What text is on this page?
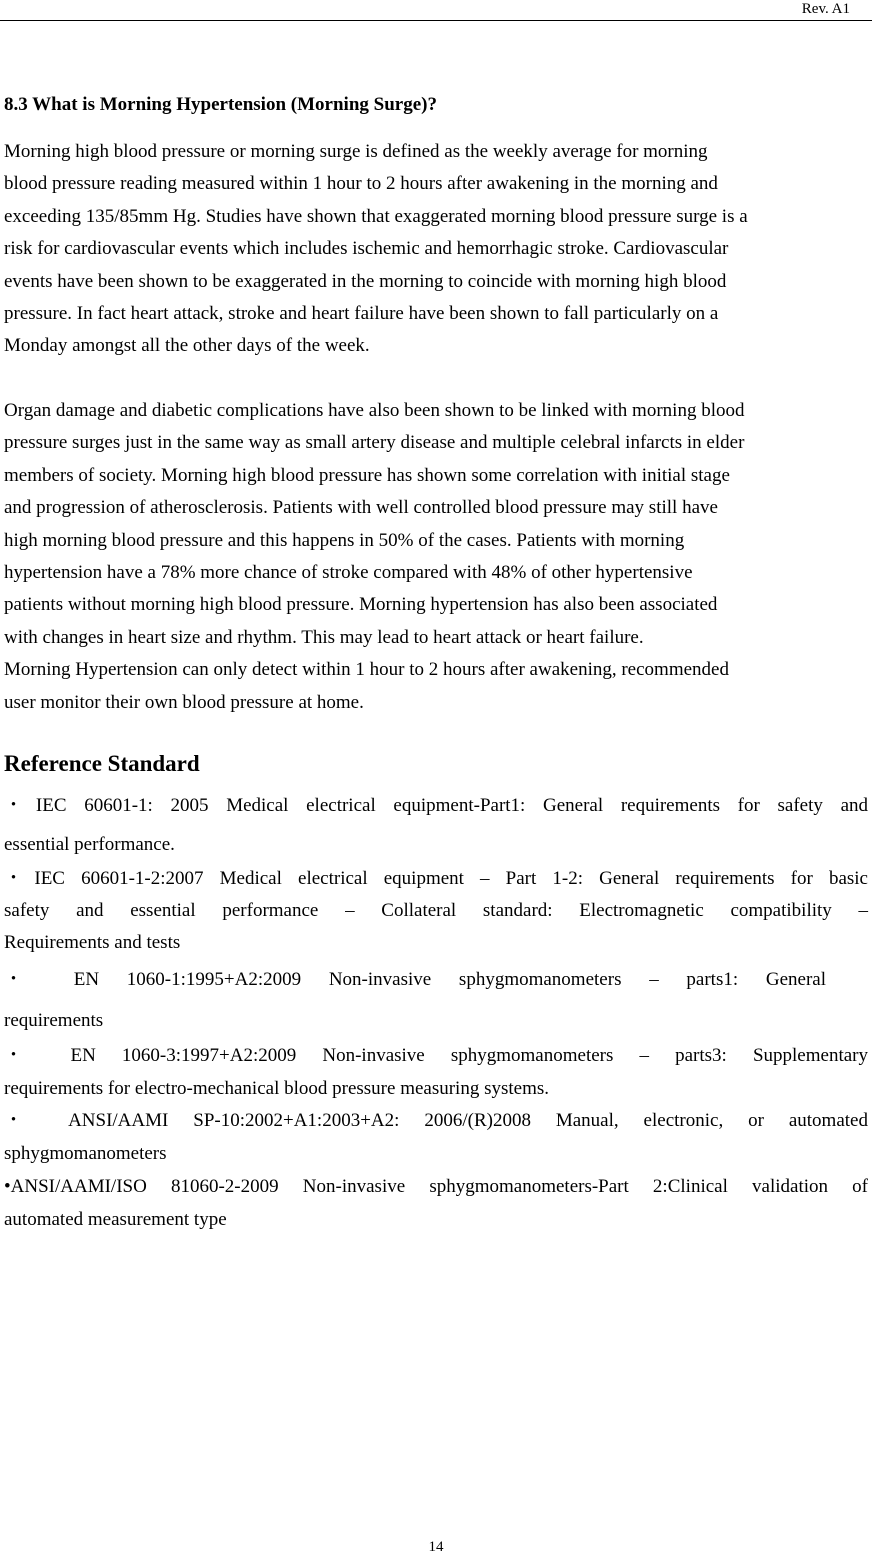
Rev. A1
8.3 What is Morning Hypertension (Morning Surge)?

Morning high blood pressure or morning surge is defined as the weekly average for morning
blood pressure reading measured within 1 hour to 2 hours after awakening in the morning and
exceeding 135/85mm Hg. Studies have shown that exaggerated morning blood pressure surge is a
risk for cardiovascular events which includes ischemic and hemorrhagic stroke. Cardiovascular
events have been shown to be exaggerated in the morning to coincide with morning high blood
pressure. In fact heart attack, stroke and heart failure have been shown to fall particularly on a
Monday amongst all the other days of the week.

Organ damage and diabetic complications have also been shown to be linked with morning blood
pressure surges just in the same way as small artery disease and multiple celebral infarcts in elder
members of society. Morning high blood pressure has shown some correlation with initial stage
and progression of atherosclerosis. Patients with well controlled blood pressure may still have
high morning blood pressure and this happens in 50% of the cases. Patients with morning
hypertension have a 78% more chance of stroke compared with 48% of other hypertensive
patients without morning high blood pressure. Morning hypertension has also been associated
with changes in heart size and rhythm. This may lead to heart attack or heart failure.
Morning Hypertension can only detect within 1 hour to 2 hours after awakening, recommended
user monitor their own blood pressure at home.

Reference Standard
・IEC 60601-1: 2005 Medical electrical equipment-Part1: General requirements for safety and
essential performance.
・IEC 60601-1-2:2007 Medical electrical equipment – Part 1-2: General requirements for basic
safety and essential performance – Collateral standard: Electromagnetic compatibility –
Requirements and tests
・ EN 1060-1:1995+A2:2009 Non-invasive sphygmomanometers – parts1: General
requirements
・ EN 1060-3:1997+A2:2009 Non-invasive sphygmomanometers – parts3: Supplementary
requirements for electro-mechanical blood pressure measuring systems.
・ ANSI/AAMI SP-10:2002+A1:2003+A2: 2006/(R)2008 Manual, electronic, or automated
sphygmomanometers
•ANSI/AAMI/ISO 81060-2-2009 Non-invasive sphygmomanometers-Part 2:Clinical validation of
automated measurement type
14
